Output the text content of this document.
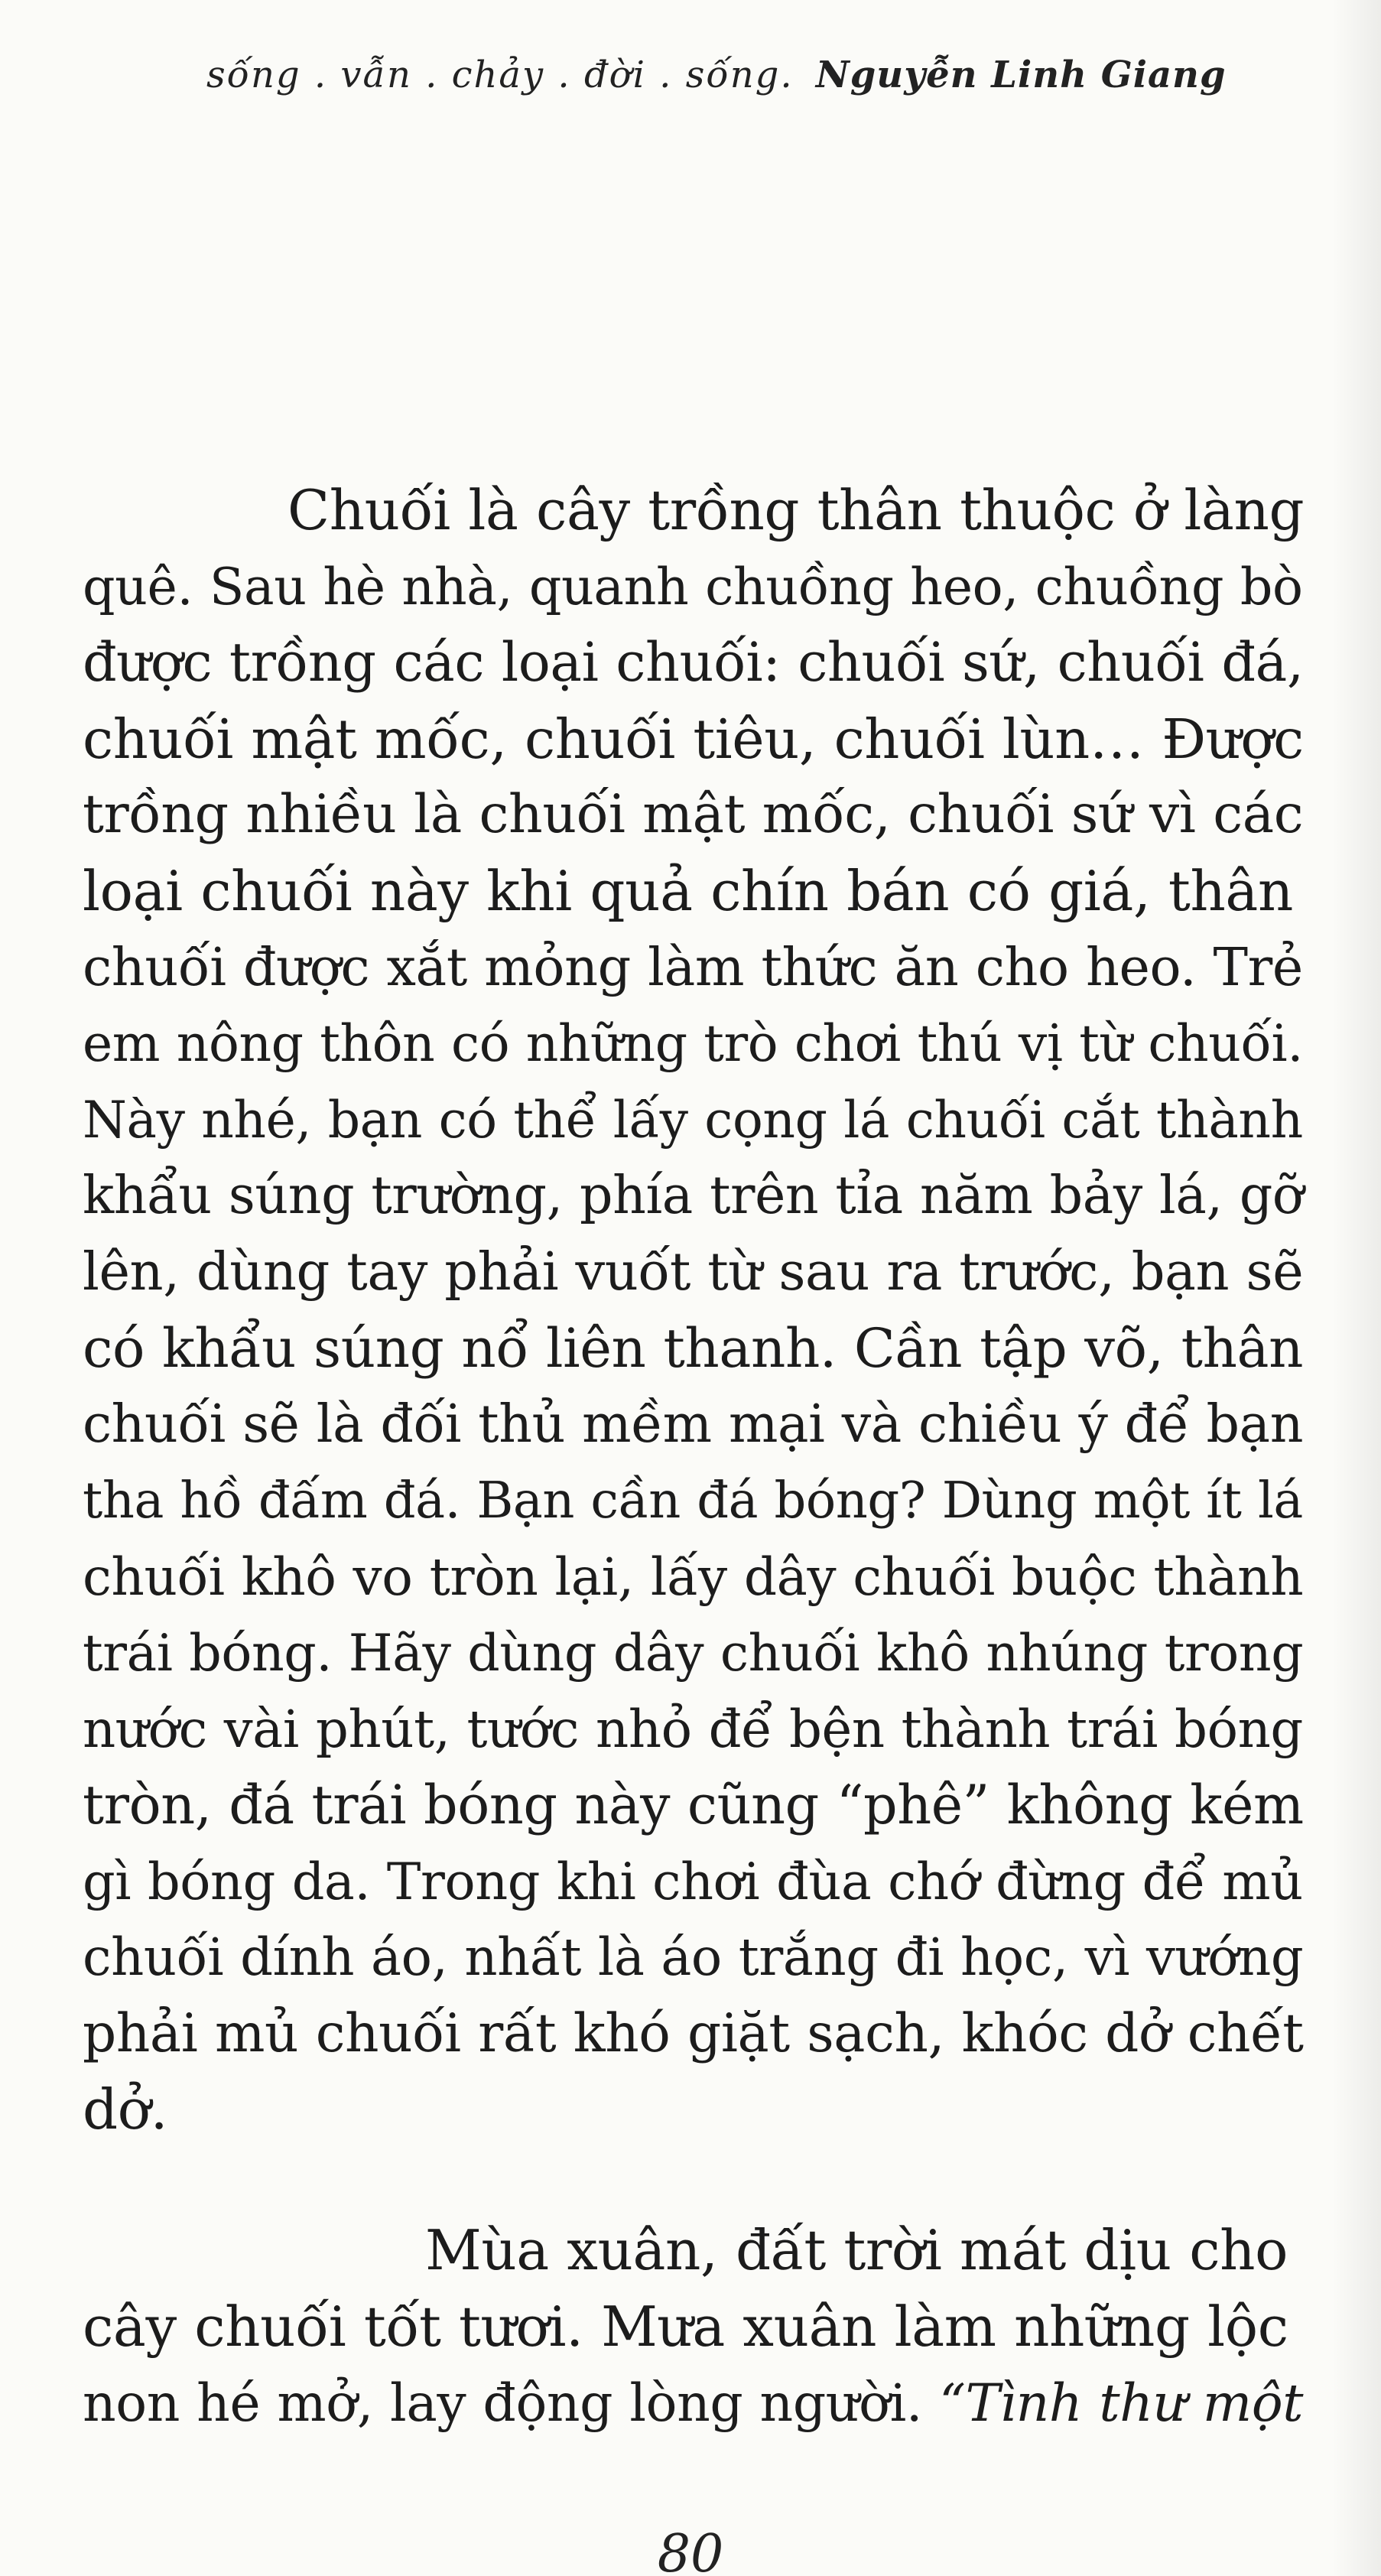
sống . vẫn . chảy . đời . sống. Nguyễn Linh Giang
Chuối là cây trồng thân thuộc ở làng
quê. Sau hè nhà, quanh chuồng heo, chuồng bò
được trồng các loại chuối: chuối sứ, chuối đá,
chuối mật mốc, chuối tiêu, chuối lùn… Được
trồng nhiều là chuối mật mốc, chuối sứ vì các
loại chuối này khi quả chín bán có giá, thân
chuối được xắt mỏng làm thức ăn cho heo. Trẻ
em nông thôn có những trò chơi thú vị từ chuối.
Này nhé, bạn có thể lấy cọng lá chuối cắt thành
khẩu súng trường, phía trên tỉa năm bảy lá, gỡ
lên, dùng tay phải vuốt từ sau ra trước, bạn sẽ
có khẩu súng nổ liên thanh. Cần tập võ, thân
chuối sẽ là đối thủ mềm mại và chiều ý để bạn
tha hồ đấm đá. Bạn cần đá bóng? Dùng một ít lá
chuối khô vo tròn lại, lấy dây chuối buộc thành
trái bóng. Hãy dùng dây chuối khô nhúng trong
nước vài phút, tước nhỏ để bện thành trái bóng
tròn, đá trái bóng này cũng “phê” không kém
gì bóng da. Trong khi chơi đùa chớ đừng để mủ
chuối dính áo, nhất là áo trắng đi học, vì vướng
phải mủ chuối rất khó giặt sạch, khóc dở chết
dở.
Mùa xuân, đất trời mát dịu cho
cây chuối tốt tươi. Mưa xuân làm những lộc
non hé mở, lay động lòng người. “Tình thư một
80
